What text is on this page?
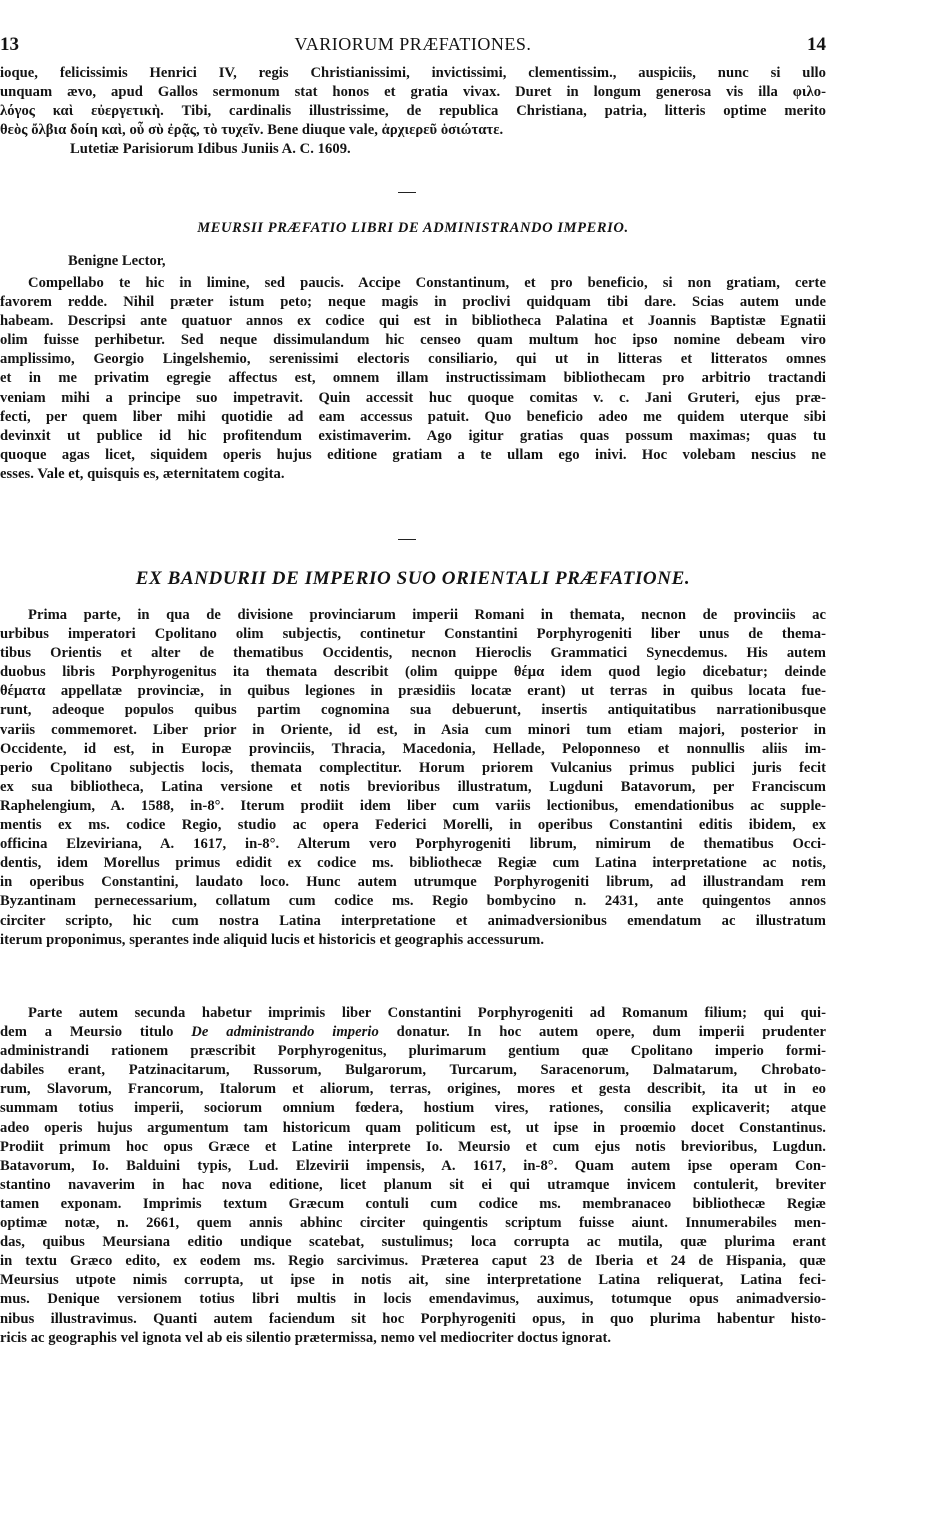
13	VARIORUM PRÆFATIONES.	14
ioque, felicissimis Henrici IV, regis Christianissimi, invictissimi, clementissim., auspiciis, nunc si ullo
unquam ævo, apud Gallos sermonum stat honos et gratia vivax. Duret in longum generosa vis illa φιλο-
λόγος καὶ εὐεργετικὴ. Tibi, cardinalis illustrissime, de republica Christiana, patria, litteris optime merito
θεὸς ὄλβια δοίη καὶ, οὗ σὺ ἐρᾷς, τὸ τυχεῖν. Bene diuque vale, ἀρχιερεῦ ὁσιώτατε.
Lutetiæ Parisiorum Idibus Juniis A. C. 1609.
MEURSII PRÆFATIO LIBRI DE ADMINISTRANDO IMPERIO.
Benigne Lector,
Compellabo te hic in limine, sed paucis. Accipe Constantinum, et pro beneficio, si non gratiam, certe
favorem redde. Nihil præter istum peto; neque magis in proclivi quidquam tibi dare. Scias autem unde
habeam. Descripsi ante quatuor annos ex codice qui est in bibliotheca Palatina et Joannis Baptistæ Egnatii
olim fuisse perhibetur. Sed neque dissimulandum hic censeo quam multum hoc ipso nomine debeam viro
amplissimo, Georgio Lingelshemio, serenissimi electoris consiliario, qui ut in litteras et litteratos omnes
et in me privatim egregie affectus est, omnem illam instructissimam bibliothecam pro arbitrio tractandi
veniam mihi a principe suo impetravit. Quin accessit huc quoque comitas v. c. Jani Gruteri, ejus præ-
fecti, per quem liber mihi quotidie ad eam accessus patuit. Quo beneficio adeo me quidem uterque sibi
devinxit ut publice id hic profitendum existimaverim. Ago igitur gratias quas possum maximas; quas tu
quoque agas licet, siquidem operis hujus editione gratiam a te ullam ego inivi. Hoc volebam nescius ne
esses. Vale et, quisquis es, æternitatem cogita.
EX BANDURII DE IMPERIO SUO ORIENTALI PRÆFATIONE.
Prima parte, in qua de divisione provinciarum imperii Romani in themata, necnon de provinciis ac
urbibus imperatori Cpolitano olim subjectis, continetur Constantini Porphyrogeniti liber unus de thema-
tibus Orientis et alter de thematibus Occidentis, necnon Hieroclis Grammatici Synecdemus. His autem
duobus libris Porphyrogenitus ita themata describit (olim quippe θέμα idem quod legio dicebatur; deinde
θέματα appellatæ provinciæ, in quibus legiones in præsidiis locatæ erant) ut terras in quibus locata fue-
runt, adeoque populos quibus partim cognomina sua debuerunt, insertis antiquitatibus narrationibusque
variis commemoret. Liber prior in Oriente, id est, in Asia cum minori tum etiam majori, posterior in
Occidente, id est, in Europæ provinciis, Thracia, Macedonia, Hellade, Peloponneso et nonnullis aliis im-
perio Cpolitano subjectis locis, themata complectitur. Horum priorem Vulcanius primus publici juris fecit
ex sua bibliotheca, Latina versione et notis brevioribus illustratum, Lugduni Batavorum, per Franciscum
Raphelengium, A. 1588, in-8°. Iterum prodiit idem liber cum variis lectionibus, emendationibus ac supple-
mentis ex ms. codice Regio, studio ac opera Federici Morelli, in operibus Constantini editis ibidem, ex
officina Elzeviriana, A. 1617, in-8°. Alterum vero Porphyrogeniti librum, nimirum de thematibus Occi-
dentis, idem Morellus primus edidit ex codice ms. bibliothecæ Regiæ cum Latina interpretatione ac notis,
in operibus Constantini, laudato loco. Hunc autem utrumque Porphyrogeniti librum, ad illustrandam rem
Byzantinam pernecessarium, collatum cum codice ms. Regio bombycino n. 2431, ante quingentos annos
circiter scripto, hic cum nostra Latina interpretatione et animadversionibus emendatum ac illustratum
iterum proponimus, sperantes inde aliquid lucis et historicis et geographis accessurum.
Parte autem secunda habetur imprimis liber Constantini Porphyrogeniti ad Romanum filium; qui qui-
dem a Meursio titulo De administrando imperio donatur. In hoc autem opere, dum imperii prudenter
administrandi rationem præscribit Porphyrogenitus, plurimarum gentium quæ Cpolitano imperio formi-
dabiles erant, Patzinacitarum, Russorum, Bulgarorum, Turcarum, Saracenorum, Dalmatarum, Chrobato-
rum, Slavorum, Francorum, Italorum et aliorum, terras, origines, mores et gesta describit, ita ut in eo
summam totius imperii, sociorum omnium fœdera, hostium vires, rationes, consilia explicaverit; atque
adeo operis hujus argumentum tam historicum quam politicum est, ut ipse in proœmio docet Constantinus.
Prodiit primum hoc opus Græce et Latine interprete Io. Meursio et cum ejus notis brevioribus, Lugdun.
Batavorum, Io. Balduini typis, Lud. Elzevirii impensis, A. 1617, in-8°. Quam autem ipse operam Con-
stantino navaverim in hac nova editione, licet planum sit ei qui utramque invicem contulerit, breviter
tamen exponam. Imprimis textum Græcum contuli cum codice ms. membranaceo bibliothecæ Regiæ
optimæ notæ, n. 2661, quem annis abhinc circiter quingentis scriptum fuisse aiunt. Innumerabiles men-
das, quibus Meursiana editio undique scatebat, sustulimus; loca corrupta ac mutila, quæ plurima erant
in textu Græco edito, ex eodem ms. Regio sarcivimus. Præterea caput 23 de Iberia et 24 de Hispania, quæ
Meursius utpote nimis corrupta, ut ipse in notis ait, sine interpretatione Latina reliquerat, Latina feci-
mus. Denique versionem totius libri multis in locis emendavimus, auximus, totumque opus animadversio-
nibus illustravimus. Quanti autem faciendum sit hoc Porphyrogeniti opus, in quo plurima habentur histo-
ricis ac geographis vel ignota vel ab eis silentio prætermissa, nemo vel mediocriter doctus ignorat.
